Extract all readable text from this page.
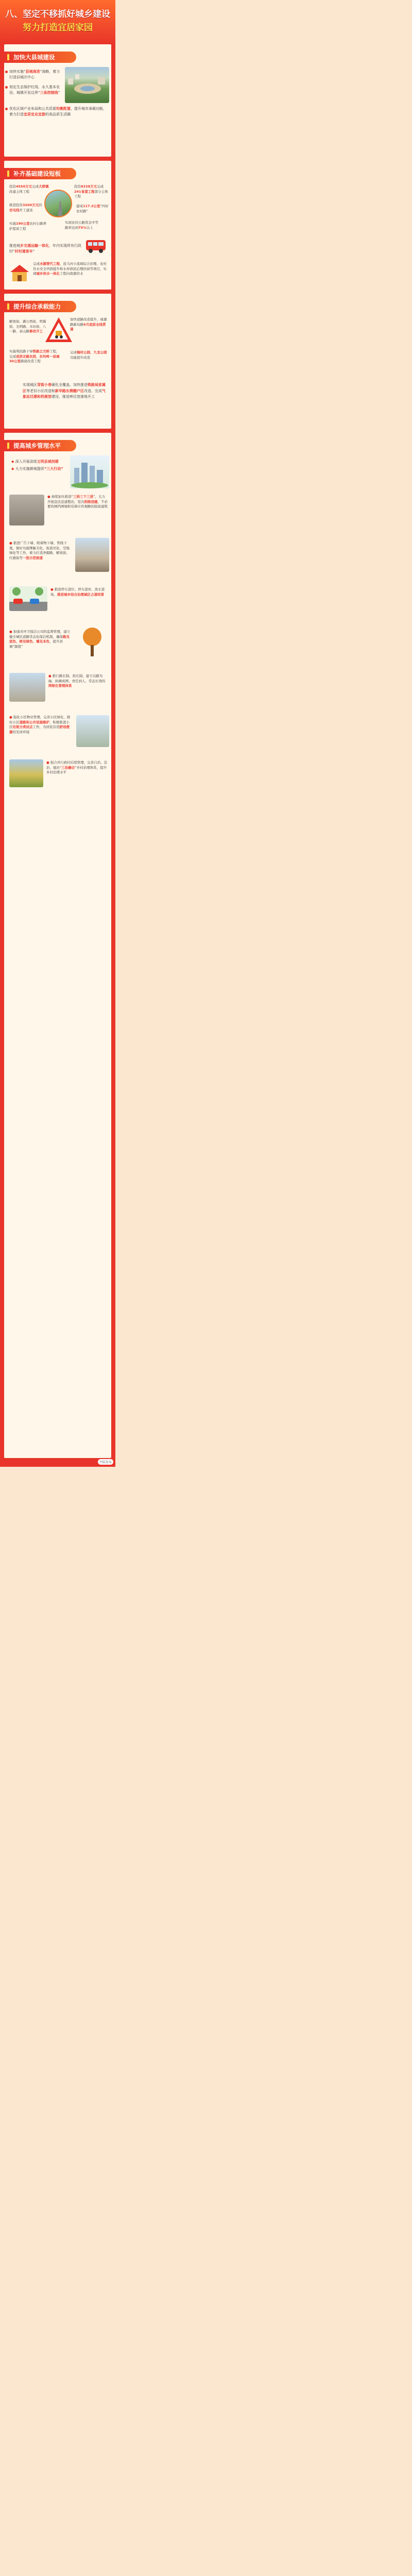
八、坚定不移抓好城乡建设
努力打造宜居家园
加快大县城建设
加快实施“县城南进”战略，着力打造县城次中心
划定生态保护红线、永久基本农田、城镇开发边界“三条控制线”
优化区域产业布局和公共资源均衡配置，提升城市承载功能，着力打造宜居宜业宜游的高品质生活圈
补齐基础建设短板
投资4550万元完成大桥镇改建主体工程
投资8338万元完成241省道工程部分主体工程
推进投资3200万元的岳屯线开工建设
建成117.3公里“四好农村路”
实施190公里农村公路养护提质工程
实现农村公路优良中等路率达到75%以上
推进城乡交通运输一体化，年内实现所有行政村“村村通客车”
完成水源替代工程、连马河小流域综合治理、农村饮水安全巩固提升和水库移民后期扶持等项目，实现城乡供水一体化工程向南惠供水
提升综合承载能力
解放街、潞公西街、明翼街、光明路、木坊街、八一路、泰山路修改开工
加快道路改造提升，琢源路新局路6月底前全线贯通
实施利民路下穿铁路立交桥工程，完成成洪北路东段、东均岭一县城30公里路面改造工程
完成梅村公园、九龙公园功能提升改造
实现城区背街小巷硬化全覆盖。加快推进铁路局家属区等老旧小区改造和新华路东侧棚户区改造。完成气象站迁建和档案馆建设，推进殡仪馆落地开工
提高城乡管理水平
◆ 深入开展省级文明县城创建
◆ 大力实施颜城提质“三大行动”
● 持续加压推进“三拆三下三进”，大力开展违法违建整治，坚决拆除违建、不必要的围挡围墙和有碍市容观瞻的临街建筑
● 推进广告下墙、附着物下墙、管线下地，做好功能牌匾美化、街道亮化、空地绿化等工作，着力打造净源路、解放街、红旗街等一批示范街道
● 推进停车进位、停车进库、洗车进场，推进城乡结合治理城区占道经营
● 加强对环卫保洁公司的监督管理，建立健全城区道路常态化保洁机制，确保路见底色、树见绿色、墙见本色，提升县城“颜值”
● 推行路长制、街长制，建立以路为轴、纵横成网、责任到人、常态长效的网格化管理体系
● 强化小区物业管理，完善小区绿化，做好小区道路和公共设施维护，积极推进小区垃圾分类试点工作，为居民营造舒适便捷的安居环境
● 强合并行政村后续管理，完善自治、法治、德治“三治融合”乡村治理体系，提升乡村治理水平
平陆发布
